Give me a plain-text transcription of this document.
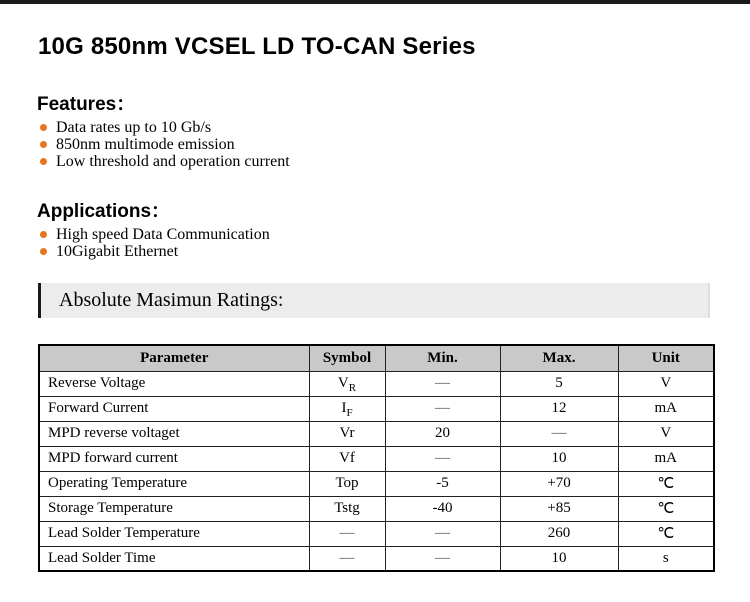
10G 850nm VCSEL LD TO-CAN Series
Features：
Data rates up to 10 Gb/s
850nm multimode emission
Low threshold and operation current
Applications：
High speed Data Communication
10Gigabit Ethernet
Absolute Masimun Ratings:
Parameter	Symbol	Min.	Max.	Unit
Reverse Voltage	$V_R$	—	5	V
Forward Current	$I_F$	—	12	mA
MPD reverse voltaget	Vr	20	—	V
MPD forward current	Vf	—	10	mA
Operating Temperature	Top	-5	+70	℃
Storage Temperature	Tstg	-40	+85	℃
Lead Solder Temperature	—	—	260	℃
Lead Solder Time	—	—	10	s
